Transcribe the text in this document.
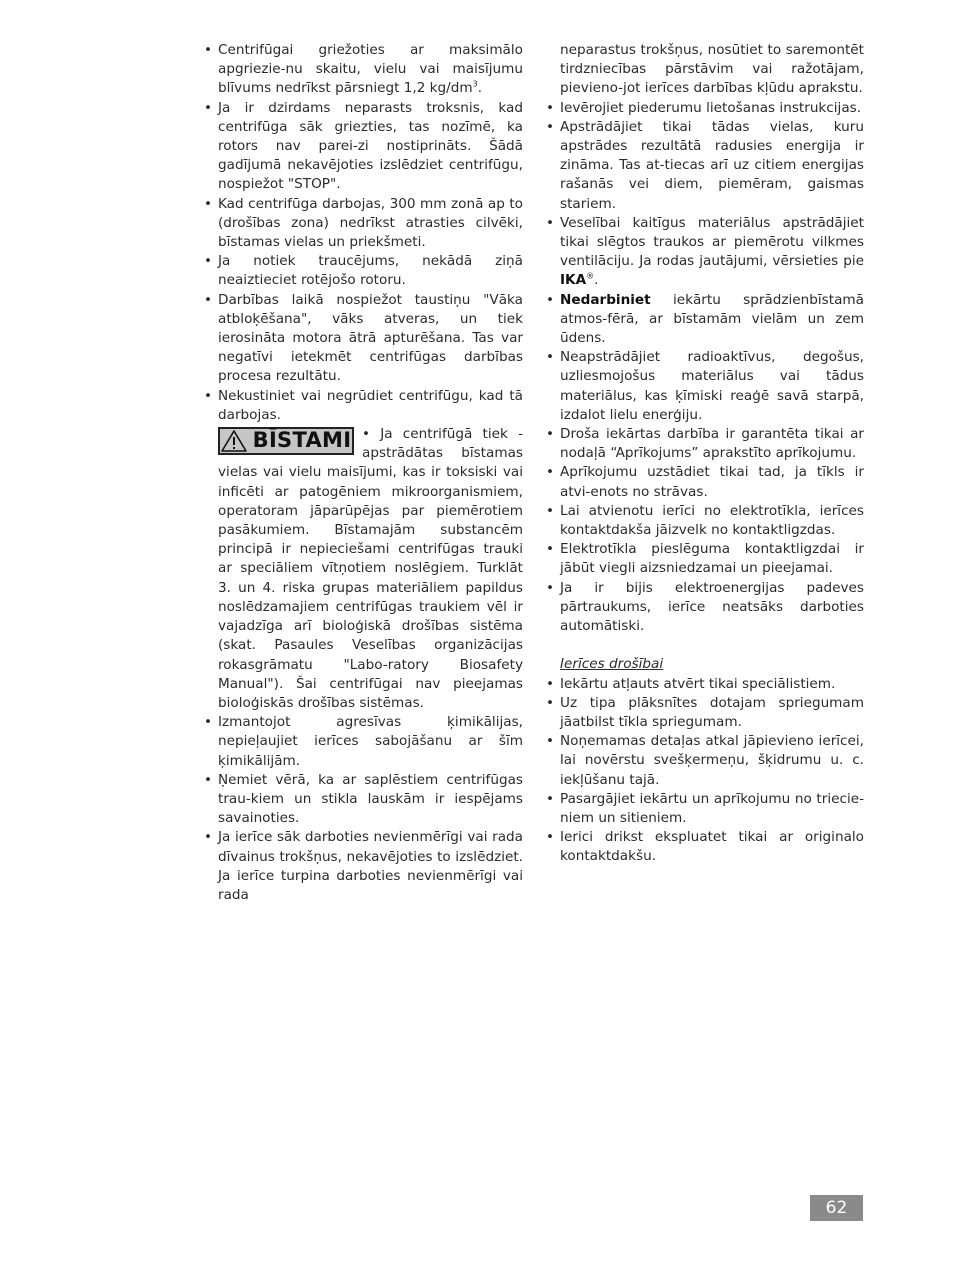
• Centrifūgai griežoties ar maksimālo apgriezie-nu skaitu, vielu vai maisījumu blīvums nedrīkst pārsniegt 1,2 $kg/dm^3$.
• Ja ir dzirdams neparasts troksnis, kad centrifūga sāk griezties, tas nozīmē, ka rotors nav parei-zi nostiprināts. Šādā gadījumā nekavējoties izslēdziet centrifūgu, nospiežot "STOP".
• Kad centrifūga darbojas, 300 mm zonā ap to (drošības zona) nedrīkst atrasties cilvēki, bīstamas vielas un priekšmeti.
• Ja notiek traucējums, nekādā ziņā neaiztieciet rotējošo rotoru.
• Darbības laikā nospiežot taustiņu "Vāka atbloķēšana", vāks atveras, un tiek ierosināta motora ātrā apturēšana. Tas var negatīvi ietekmēt centrifūgas darbības procesa rezultātu.
• Nekustiniet vai negrūdiet centrifūgu, kad tā darbojas.
BĪSTAMI • Ja centrifūgā tiek - apstrādātas bīstamas vielas vai vielu maisījumi, kas ir toksiski vai inficēti ar patogēniem mikroorganismiem, operatoram jāparūpējas par piemērotiem pasākumiem. Bīstamajām substancēm principā ir nepieciešami centrifūgas trauki ar speciāliem vītņotiem noslēgiem. Turklāt 3. un 4. riska grupas materiāliem papildus noslēdzamajiem centrifūgas traukiem vēl ir vajadzīga arī bioloģiskā drošības sistēma (skat. Pasaules Veselības organizācijas rokasgrāmatu "Labo-ratory Biosafety Manual"). Šai centrifūgai nav pieejamas bioloģiskās drošības sistēmas.
• Izmantojot agresīvas ķimikālijas, nepieļaujiet ierīces sabojāšanu ar šīm ķimikālijām.
• Ņemiet vērā, ka ar saplēstiem centrifūgas trau-kiem un stikla lauskām ir iespējams savainoties.
• Ja ierīce sāk darboties nevienmērīgi vai rada dīvainus trokšņus, nekavējoties to izslēdziet. Ja ierīce turpina darboties nevienmērīgi vai rada
neparastus trokšņus, nosūtiet to saremontēt tirdzniecības pārstāvim vai ražotājam, pievieno-jot ierīces darbības kļūdu aprakstu.
• Ievērojiet piederumu lietošanas instrukcijas.
• Apstrādājiet tikai tādas vielas, kuru apstrādes rezultātā radusies energija ir zināma. Tas at-tiecas arī uz citiem energijas rašanās vei diem, piemēram, gaismas stariem.
• Veselībai kaitīgus materiālus apstrādājiet tikai slēgtos traukos ar piemērotu vilkmes ventilāciju. Ja rodas jautājumi, vērsieties pie IKA®.
• Nedarbiniet iekārtu sprādzienbīstamā atmos-fērā, ar bīstamām vielām un zem ūdens.
• Neapstrādājiet radioaktīvus, degošus, uzliesmojošus materiālus vai tādus materiālus, kas ķīmiski reaģē savā starpā, izdalot lielu enerģiju.
• Droša iekārtas darbība ir garantēta tikai ar nodaļā “Aprīkojums” aprakstīto aprīkojumu.
• Aprīkojumu uzstādiet tikai tad, ja tīkls ir atvi-enots no strāvas.
• Lai atvienotu ierīci no elektrotīkla, ierīces kontaktdakša jāizvelk no kontaktligzdas.
• Elektrotīkla pieslēguma kontaktligzdai ir jābūt viegli aizsniedzamai un pieejamai.
• Ja ir bijis elektroenergijas padeves pārtraukums, ierīce neatsāks darboties automātiski.
Ierīces drošībai
• Iekārtu atļauts atvērt tikai speciālistiem.
• Uz tipa plāksnītes dotajam spriegumam jāatbilst tīkla spriegumam.
• Noņemamas detaļas atkal jāpievieno ierīcei, lai novērstu svešķermeņu, šķidrumu u. c. iekļūšanu tajā.
• Pasargājiet iekārtu un aprīkojumu no triecie-niem un sitieniem.
• Ierici drikst ekspluatet tikai ar originalo kontaktdakšu.
62
